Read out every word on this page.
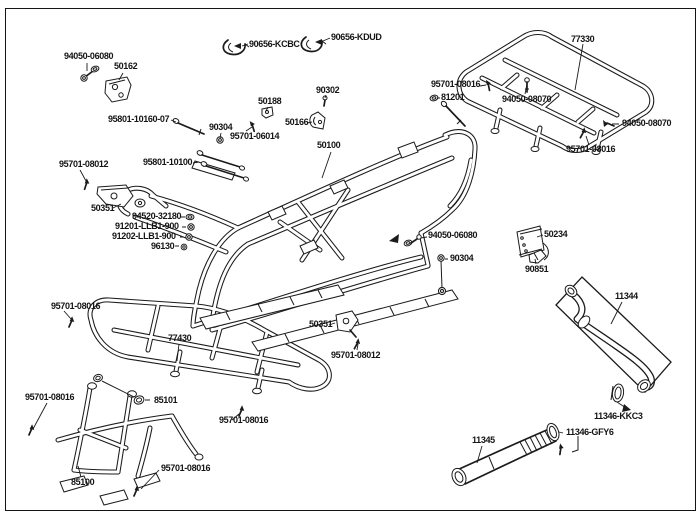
94050-06080
50162
95801-10160-07
90304
95701-06014
50188
90302
50166
90656-KCBC
90656-KDUD	77330
95701-08016
81201	94050-08070
94050-08070
95701-08016
95801-10100
50100
95701-08012
50351
94520-32180
91201-LLB1-900
91202-LLB1-900
96130
94050-06080
90304
50234
90851
11344
95701-08016
77430
50351
95701-08012
95701-08016	85101
95701-08016
85100
95701-08016
11345
11346-GFY6
11346-KKC3
